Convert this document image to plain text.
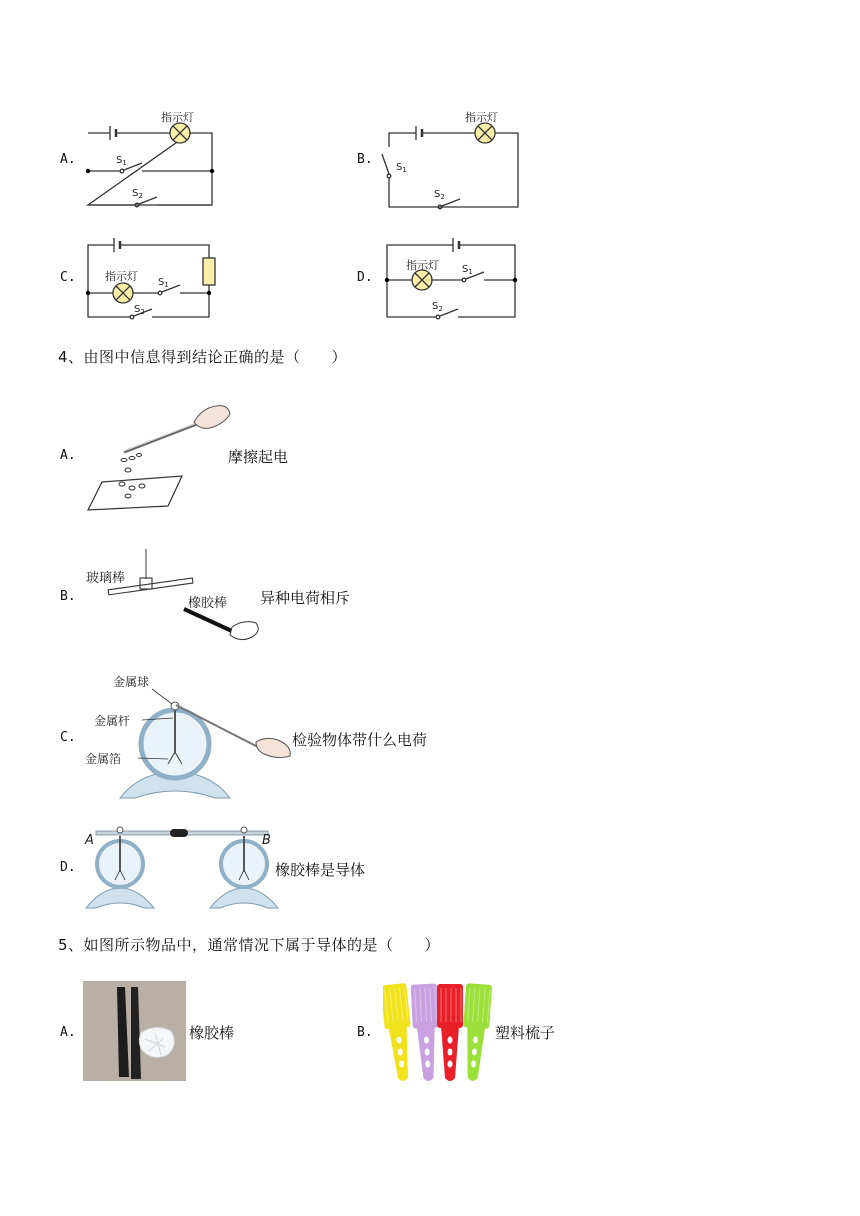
A.	B.
C.	D.
指示灯
$S_1$
$S_2$
指示灯
$S_1$
$S_2$
指示灯 $S_1$
$S_2$
指示灯 $S_1$
$S_2$
4、由图中信息得到结论正确的是（　　）
A.	摩擦起电
B.
玻璃棒
橡胶棒 异种电荷相斥
C.
金属球
金属杆
金属箔
检验物体带什么电荷
D.
A	B
橡胶棒是导体
5、如图所示物品中，通常情况下属于导体的是（　　）
A.	橡胶棒	B.	塑料梳子
